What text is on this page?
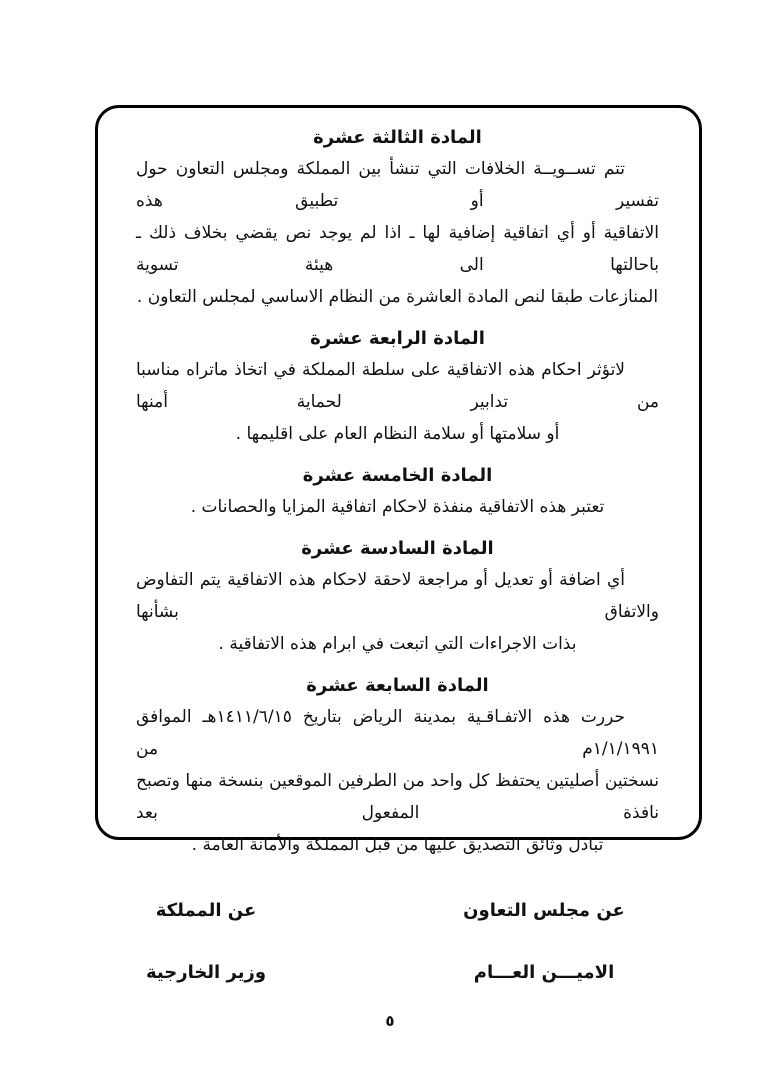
المادة الثالثة عشرة
تتم تســويــة الخلافات التي تنشأ بين المملكة ومجلس التعاون حول تفسير أو تطبيق هذه
الاتفاقية أو أي اتفاقية إضافية لها ـ اذا لم يوجد نص يقضي بخلاف ذلك ـ باحالتها الى هيئة تسوية
المنازعات طبقا لنص المادة العاشرة من النظام الاساسي لمجلس التعاون .
المادة الرابعة عشرة
لاتؤثر احكام هذه الاتفاقية على سلطة المملكة في اتخاذ ماتراه مناسبا من تدابير لحماية أمنها
أو سلامتها أو سلامة النظام العام على اقليمها .
المادة الخامسة عشرة
تعتبر هذه الاتفاقية منفذة لاحكام اتفاقية المزايا والحصانات .
المادة السادسة عشرة
أي اضافة أو تعديل أو مراجعة لاحقة لاحكام هذه الاتفاقية يتم التفاوض والاتفاق بشأنها
بذات الاجراءات التي اتبعت في ابرام هذه الاتفاقية .
المادة السابعة عشرة
حررت هذه الاتفـاقـية بمدينة الرياض بتاريخ ١٤١١/٦/١٥هـ الموافق ١/١/١٩٩١م من
نسختين أصليتين يحتفظ كل واحد من الطرفين الموقعين بنسخة منها وتصبح نافذة المفعول بعد
تبادل وثائق التصديق عليها من قبل المملكة والأمانة العامة .
عن مجلس التعاون
عن المملكة
الاميـــن العـــام
وزير الخارجية
٥
